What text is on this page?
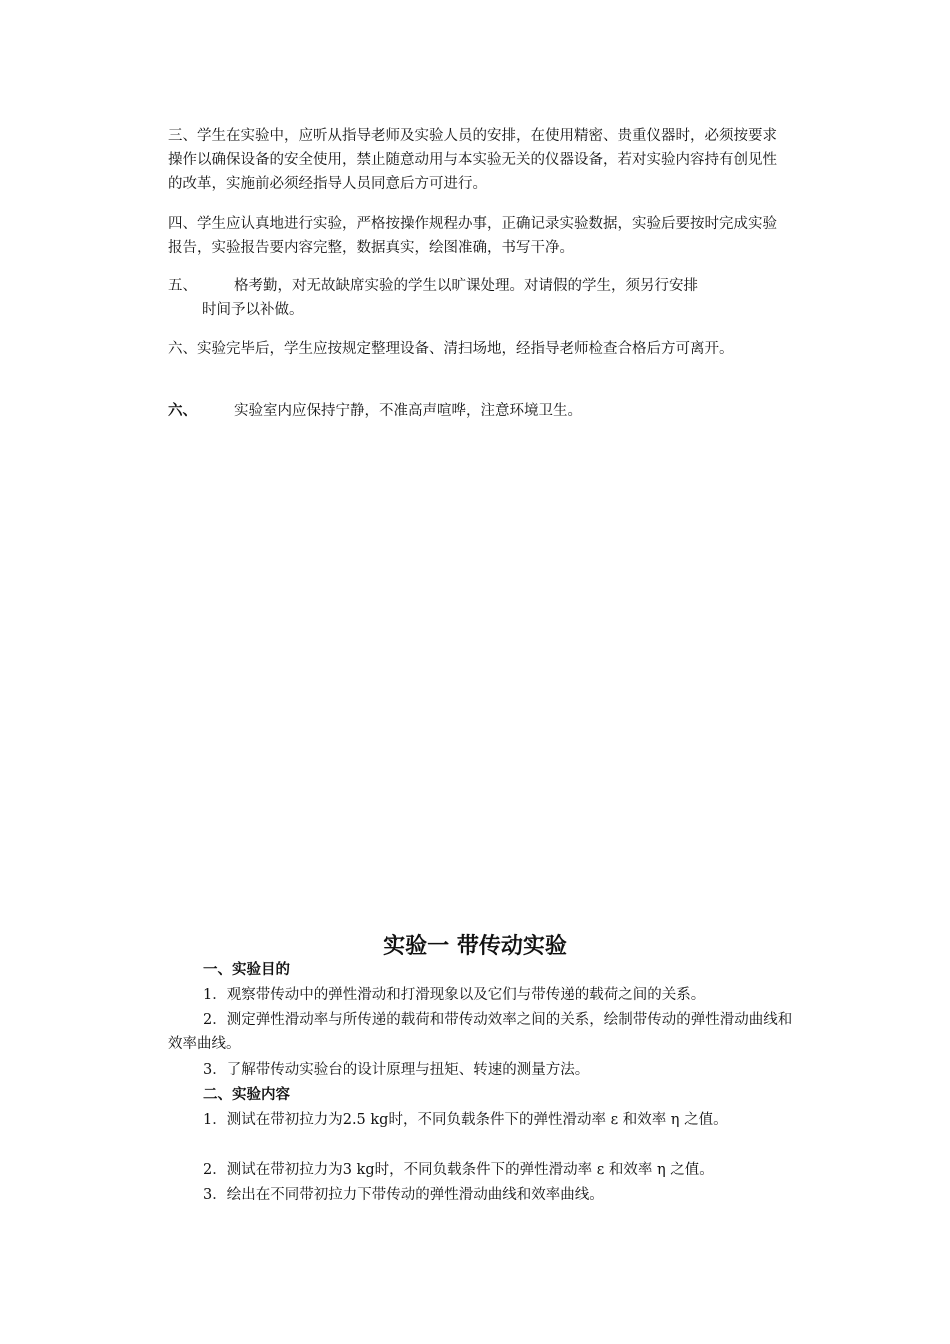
三、学生在实验中，应听从指导老师及实验人员的安排，在使用精密、贵重仪器时，必须按要求操作以确保设备的安全使用，禁止随意动用与本实验无关的仪器设备，若对实验内容持有创见性的改革，实施前必须经指导人员同意后方可进行。

四、学生应认真地进行实验，严格按操作规程办事，正确记录实验数据，实验后要按时完成实验报告，实验报告要内容完整，数据真实，绘图准确，书写干净。

五、	格考勤，对无故缺席实验的学生以旷课处理。对请假的学生，须另行安排
时间予以补做。

六、实验完毕后，学生应按规定整理设备、清扫场地，经指导老师检查合格后方可离开。

六、	实验室内应保持宁静，不准高声喧哗，注意环境卫生。
实验一 带传动实验

一、实验目的

1．观察带传动中的弹性滑动和打滑现象以及它们与带传递的载荷之间的关系。

2．测定弹性滑动率与所传递的载荷和带传动效率之间的关系，绘制带传动的弹性滑动曲线和效率曲线。

3．了解带传动实验台的设计原理与扭矩、转速的测量方法。

二、实验内容

1．测试在带初拉力为2.5 kg时，不同负载条件下的弹性滑动率 ε 和效率 η 之值。

2．测试在带初拉力为3 kg时，不同负载条件下的弹性滑动率 ε 和效率 η 之值。

3．绘出在不同带初拉力下带传动的弹性滑动曲线和效率曲线。
